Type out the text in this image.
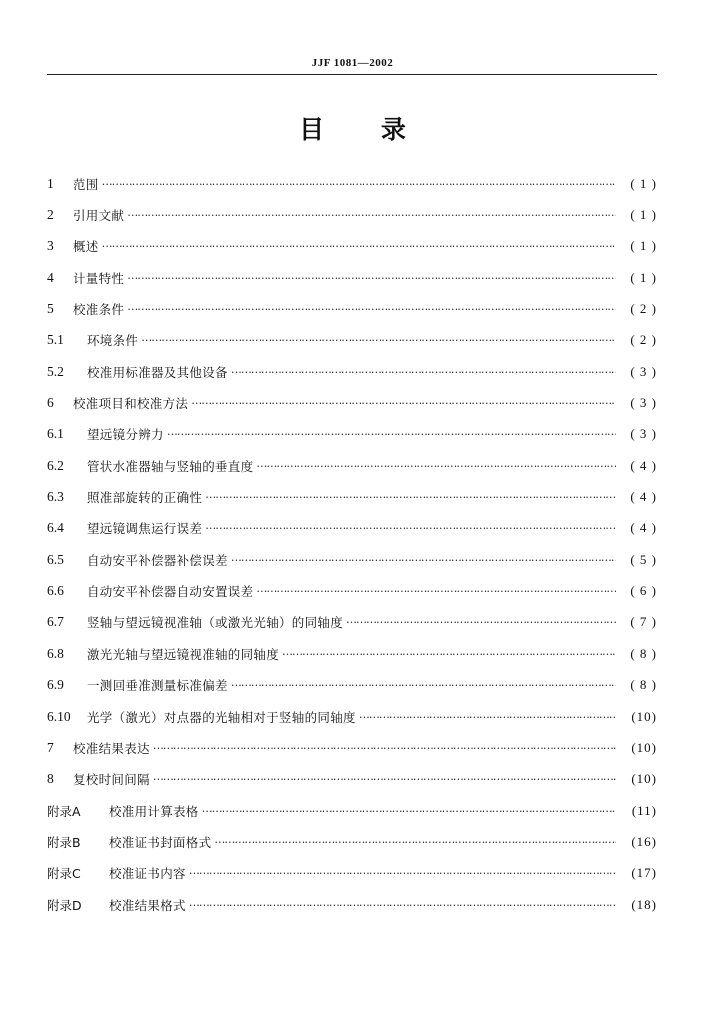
JJF 1081—2002
目 录
1	范围 ……………………………………………………………………………………………………………………………………………………………………………………………………………………………………	( 1 )
2	引用文献 ……………………………………………………………………………………………………………………………………………………………………………………………………………………………………	( 1 )
3	概述 ……………………………………………………………………………………………………………………………………………………………………………………………………………………………………	( 1 )
4	计量特性 ……………………………………………………………………………………………………………………………………………………………………………………………………………………………………	( 1 )
5	校准条件 ……………………………………………………………………………………………………………………………………………………………………………………………………………………………………	( 2 )
5.1	环境条件 ……………………………………………………………………………………………………………………………………………………………………………………………………………………………………	( 2 )
5.2	校准用标准器及其他设备 ……………………………………………………………………………………………………………………………………………………………………………………………………………………………………	( 3 )
6	校准项目和校准方法 ……………………………………………………………………………………………………………………………………………………………………………………………………………………………………	( 3 )
6.1	望远镜分辨力 ……………………………………………………………………………………………………………………………………………………………………………………………………………………………………	( 3 )
6.2	管状水准器轴与竖轴的垂直度 ……………………………………………………………………………………………………………………………………………………………………………………………………………………………………	( 4 )
6.3	照准部旋转的正确性 ……………………………………………………………………………………………………………………………………………………………………………………………………………………………………	( 4 )
6.4	望远镜调焦运行误差 ……………………………………………………………………………………………………………………………………………………………………………………………………………………………………	( 4 )
6.5	自动安平补偿器补偿误差 ……………………………………………………………………………………………………………………………………………………………………………………………………………………………………	( 5 )
6.6	自动安平补偿器自动安置误差 ……………………………………………………………………………………………………………………………………………………………………………………………………………………………………	( 6 )
6.7	竖轴与望远镜视准轴（或激光光轴）的同轴度 ……………………………………………………………………………………………………………………………………………………………………………………………………………………………………	( 7 )
6.8	激光光轴与望远镜视准轴的同轴度 ……………………………………………………………………………………………………………………………………………………………………………………………………………………………………	( 8 )
6.9	一测回垂准测量标准偏差 ……………………………………………………………………………………………………………………………………………………………………………………………………………………………………	( 8 )
6.10	光学（激光）对点器的光轴相对于竖轴的同轴度 ……………………………………………………………………………………………………………………………………………………………………………………………………………………………………	(10)
7	校准结果表达 ……………………………………………………………………………………………………………………………………………………………………………………………………………………………………	(10)
8	复校时间间隔 ……………………………………………………………………………………………………………………………………………………………………………………………………………………………………	(10)
附录A	校准用计算表格 ……………………………………………………………………………………………………………………………………………………………………………………………………………………………………	(11)
附录B	校准证书封面格式 ……………………………………………………………………………………………………………………………………………………………………………………………………………………………………	(16)
附录C	校准证书内容 ……………………………………………………………………………………………………………………………………………………………………………………………………………………………………	(17)
附录D	校准结果格式 ……………………………………………………………………………………………………………………………………………………………………………………………………………………………………	(18)
